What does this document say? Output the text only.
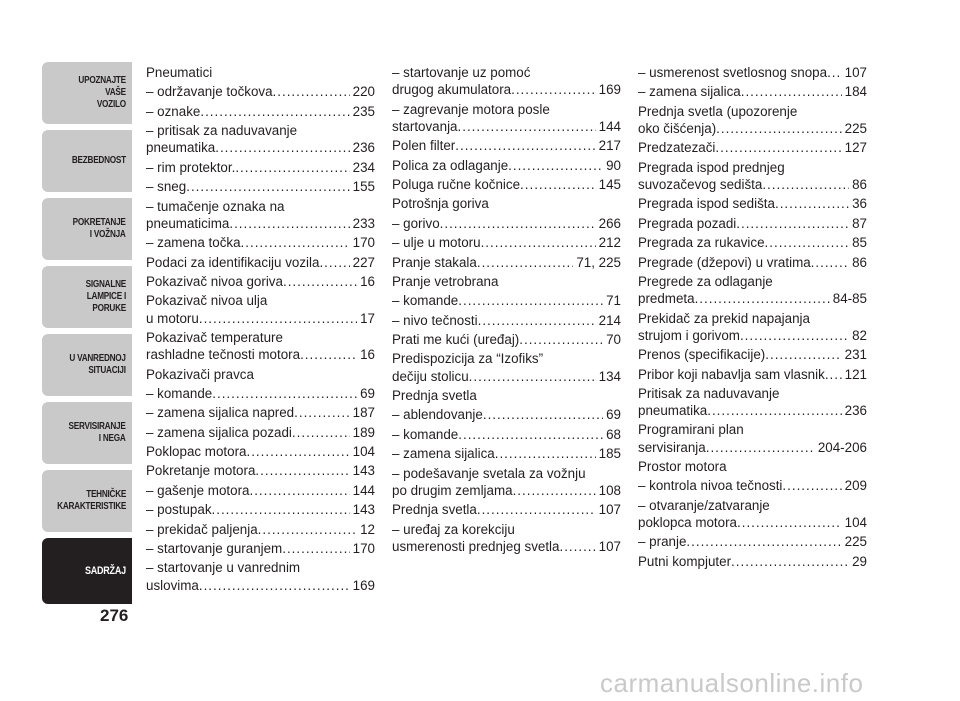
UPOZNAJTE
VAŠE
VOZILO
BEZBEDNOST
POKRETANJE
I VOŽNJA
SIGNALNE
LAMPICE I PORUKE
U VANREDNOJ
SITUACIJI
SERVISIRANJE
I NEGA
TEHNIČKE
KARAKTERISTIKE
SADRŽAJ
276
Pneumatici
– održavanje točkova .....	220
– oznake .....	235
– pritisak za naduvavanje
pneumatika .....	236
– rim protektor. .....	234
– sneg .....	155
– tumačenje oznaka na
pneumaticima .....	233
– zamena točka .....	170
Podaci za identifikaciju vozila ..... 227
Pokazivač nivoa goriva .....	16
Pokazivač nivoa ulja
u motoru .....	17
Pokazivač temperature
rashladne tečnosti motora .....	16
Pokazivači pravca
– komande .....	69
– zamena sijalica napred .....	187
– zamena sijalica pozadi .....	189
Poklopac motora .....	104
Pokretanje motora .....	143
– gašenje motora .....	144
– postupak .....	143
– prekidač paljenja .....	12
– startovanje guranjem .....	170
– startovanje u vanrednim
uslovima .....	169
– startovanje uz pomoć
drugog akumulatora .....	169
– zagrevanje motora posle
startovanja .....	144
Polen filter .....	217
Polica za odlaganje .....	90
Poluga ručne kočnice .....	145
Potrošnja goriva
– gorivo .....	266
– ulje u motoru .....	212
Pranje stakala .....	71, 225
Pranje vetrobrana
– komande .....	71
– nivo tečnosti .....	214
Prati me kući (uređaj) .....	70
Predispozicija za “Izofiks”
dečiju stolicu .....	134
Prednja svetla
– ablendovanje .....	69
– komande .....	68
– zamena sijalica .....	185
– podešavanje svetala za vožnju
po drugim zemljama .....	108
Prednja svetla .....	107
– uređaj za korekciju
usmerenosti prednjeg svetla .....	107
– usmerenost svetlosnog snopa ..... 107
– zamena sijalica .....	184
Prednja svetla (upozorenje
oko čišćenja) .....	225
Predzatezači .....	127
Pregrada ispod prednjeg
suvozačevog sedišta .....	86
Pregrada ispod sedišta .....	36
Pregrada pozadi .....	87
Pregrada za rukavice .....	85
Pregrade (džepovi) u vratima .....	86
Pregrede za odlaganje
predmeta .....	84-85
Prekidač za prekid napajanja
strujom i gorivom .....	82
Prenos (specifikacije) .....	231
Pribor koji nabavlja sam vlasnik ..... 121
Pritisak za naduvavanje
pneumatika .....	236
Programirani plan
servisiranja .....	204-206
Prostor motora
– kontrola nivoa tečnosti .....	209
– otvaranje/zatvaranje
poklopca motora .....	104
– pranje .....	225
Putni kompjuter .....	29
carmanualsonline.info
